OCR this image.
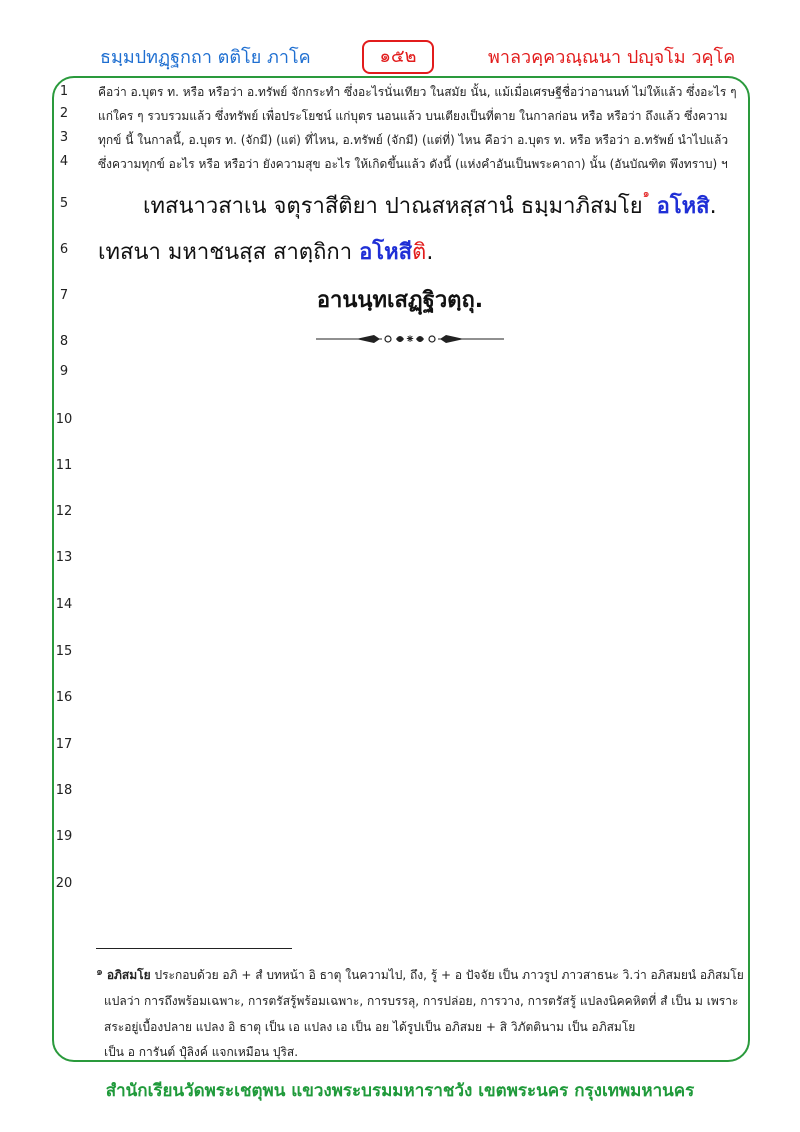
ธมฺมปทฏฺฐกถา ตติโย ภาโค	๑๕๒	พาลวคฺควณฺณนา ปญฺจโม วคฺโค
1
2
3
4
5
6
7
8
9
10
11
12
13
14
15
16
17
18
19
20
คือว่า อ.บุตร ท. หรือ หรือว่า อ.ทรัพย์ จักกระทำ ซึ่งอะไรนั่นเทียว ในสมัย นั้น, แม้เมื่อเศรษฐีชื่อว่าอานนท์ ไม่ให้แล้ว ซึ่งอะไร ๆ
แก่ใคร ๆ รวบรวมแล้ว ซึ่งทรัพย์ เพื่อประโยชน์ แก่บุตร นอนแล้ว บนเตียงเป็นที่ตาย ในกาลก่อน หรือ หรือว่า ถึงแล้ว ซึ่งความ
ทุกข์ นี้ ในกาลนี้, อ.บุตร ท. (จักมี) (แต่) ที่ไหน, อ.ทรัพย์ (จักมี) (แต่ที่) ไหน คือว่า อ.บุตร ท. หรือ หรือว่า อ.ทรัพย์ นำไปแล้ว
ซึ่งความทุกข์ อะไร หรือ หรือว่า ยังความสุข อะไร ให้เกิดขึ้นแล้ว ดังนี้ (แห่งคำอันเป็นพระคาถา) นั้น (อันบัณฑิต พึงทราบ) ฯ
เทสนาวสาเน จตุราสีติยา ปาณสหสฺสานํ ธมฺมาภิสมโย$^๑$ อโหสิ.
เทสนา มหาชนสฺส สาตฺถิกา อโหสีติ.
อานนฺทเสฏฺฐิวตฺถุ.
⁕
๑ อภิสมโย ประกอบด้วย อภิ + สํ บทหน้า อิ ธาตุ ในความไป, ถึง, รู้ + อ ปัจจัย เป็น ภาวรูป ภาวสาธนะ วิ.ว่า อภิสมยนํ อภิสมโย
แปลว่า การถึงพร้อมเฉพาะ, การตรัสรู้พร้อมเฉพาะ, การบรรลุ, การปล่อย, การวาง, การตรัสรู้ แปลงนิคคหิตที่ สํ เป็น ม เพราะ
สระอยู่เบื้องปลาย แปลง อิ ธาตุ เป็น เอ แปลง เอ เป็น อย ได้รูปเป็น อภิสมย + สิ วิภัตตินาม เป็น อภิสมโย
เป็น อ การันต์ ปุํลิงค์ แจกเหมือน ปุริส.
สำนักเรียนวัดพระเชตุพน แขวงพระบรมมหาราชวัง เขตพระนคร กรุงเทพมหานคร
